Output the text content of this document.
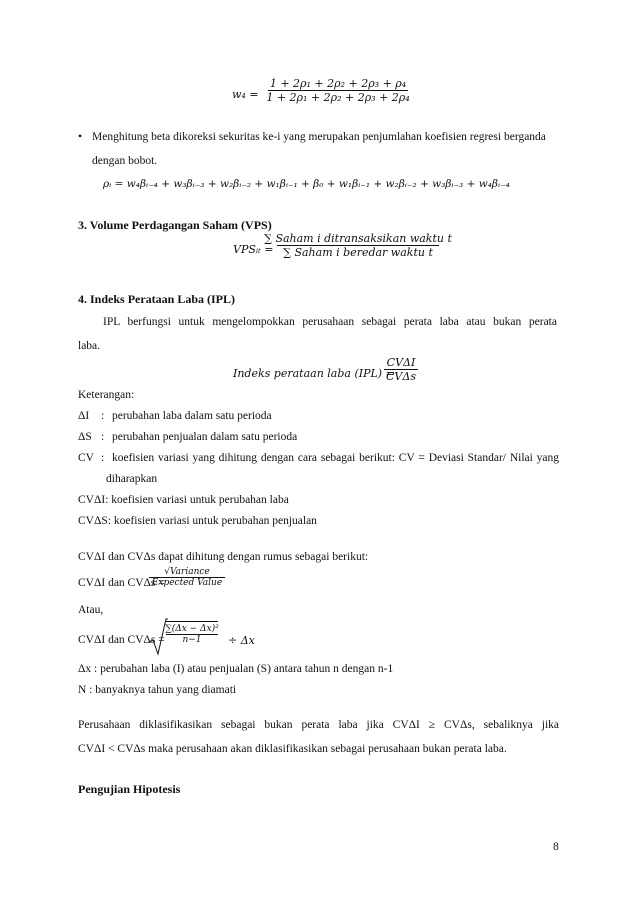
w₄ =
1 + 2ρ₁ + 2ρ₂ + 2ρ₃ + ρ₄
1 + 2ρ₁ + 2ρ₂ + 2ρ₃ + 2ρ₄
• Menghitung beta dikoreksi sekuritas ke-i yang merupakan penjumlahan koefisien regresi berganda
dengan bobot.
ρᵢ = w₄βᵢ₋₄ + w₃βᵢ₋₃ + w₂βᵢ₋₂ + w₁βᵢ₋₁ + β₀ + w₁βᵢ₋₁ + w₂βᵢ₋₂ + w₃βᵢ₋₃ + w₄βᵢ₋₄
3. Volume Perdagangan Saham (VPS)
VPSᵢₜ =
∑ Saham i ditransaksikan waktu t
∑ Saham i beredar waktu t
4. Indeks Perataan Laba (IPL)
IPL berfungsi untuk mengelompokkan perusahaan sebagai perata laba atau bukan perata
laba.
Indeks perataan laba (IPL) =
CVΔI
CVΔs
Keterangan:
ΔI : perubahan laba dalam satu perioda
ΔS : perubahan penjualan dalam satu perioda
CV : koefisien variasi yang dihitung dengan cara sebagai berikut: CV = Deviasi Standar/ Nilai yang
diharapkan
CVΔI: koefisien variasi untuk perubahan laba
CVΔS: koefisien variasi untuk perubahan penjualan
CVΔI dan CVΔs dapat dihitung dengan rumus sebagai berikut:
CVΔI dan CVΔs =
√Variance
Expected Value
Atau,
CVΔI dan CVΔs =
∑(Δx − Δx)²
n−1 ÷ Δx
Δx : perubahan laba (I) atau penjualan (S) antara tahun n dengan n-1
N : banyaknya tahun yang diamati
Perusahaan diklasifikasikan sebagai bukan perata laba jika CVΔI ≥ CVΔs, sebaliknya jika
CVΔI < CVΔs maka perusahaan akan diklasifikasikan sebagai perusahaan bukan perata laba.
Pengujian Hipotesis
8
